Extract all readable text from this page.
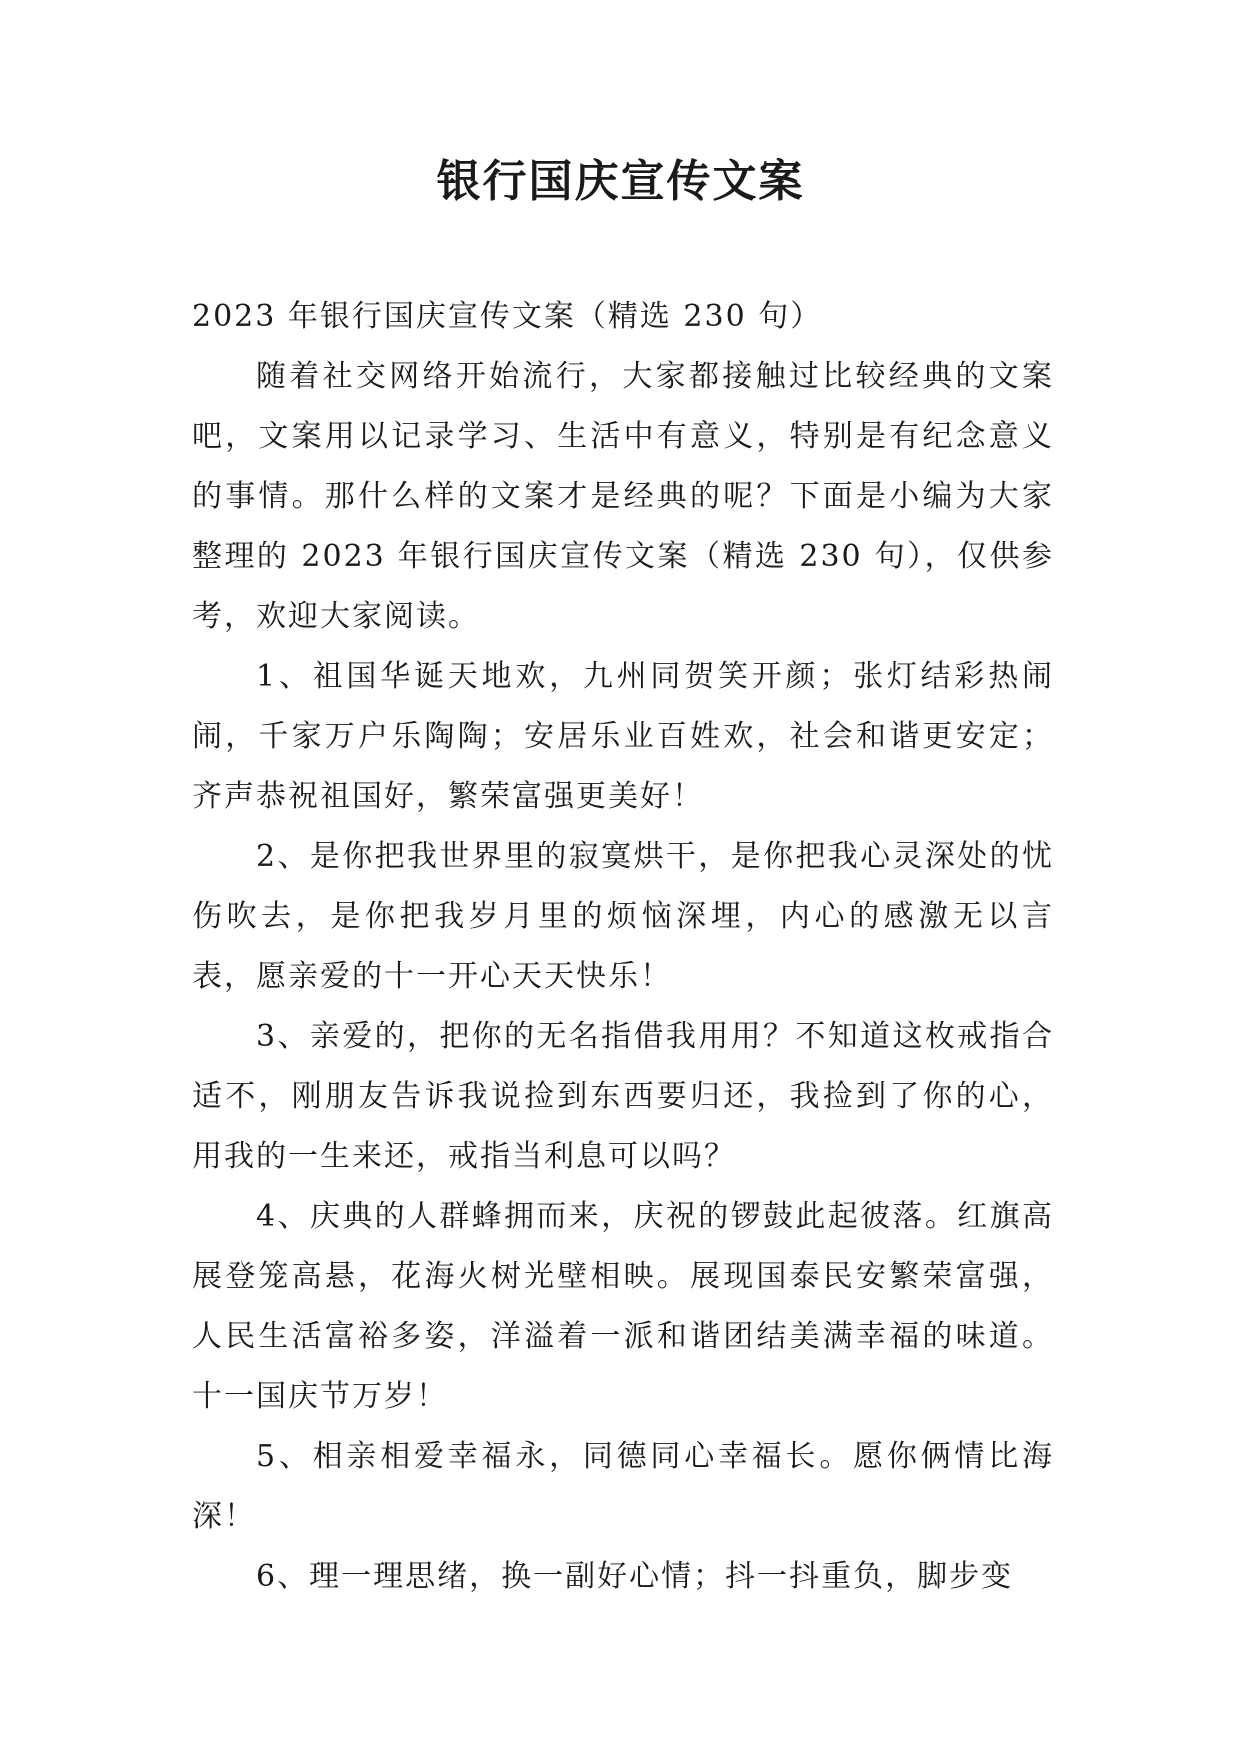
银行国庆宣传文案

2023 年银行国庆宣传文案（精选 230 句）

随着社交网络开始流行，大家都接触过比较经典的文案吧，文案用以记录学习、生活中有意义，特别是有纪念意义的事情。那什么样的文案才是经典的呢？下面是小编为大家整理的 2023 年银行国庆宣传文案（精选 230 句），仅供参考，欢迎大家阅读。

1、祖国华诞天地欢，九州同贺笑开颜；张灯结彩热闹闹，千家万户乐陶陶；安居乐业百姓欢，社会和谐更安定；齐声恭祝祖国好，繁荣富强更美好！

2、是你把我世界里的寂寞烘干，是你把我心灵深处的忧伤吹去，是你把我岁月里的烦恼深埋，内心的感激无以言表，愿亲爱的十一开心天天快乐！

3、亲爱的，把你的无名指借我用用？不知道这枚戒指合适不，刚朋友告诉我说捡到东西要归还，我捡到了你的心，用我的一生来还，戒指当利息可以吗？

4、庆典的人群蜂拥而来，庆祝的锣鼓此起彼落。红旗高展登笼高悬，花海火树光壁相映。展现国泰民安繁荣富强，人民生活富裕多姿，洋溢着一派和谐团结美满幸福的味道。十一国庆节万岁！

5、相亲相爱幸福永，同德同心幸福长。愿你俩情比海深！

6、理一理思绪，换一副好心情；抖一抖重负，脚步变
